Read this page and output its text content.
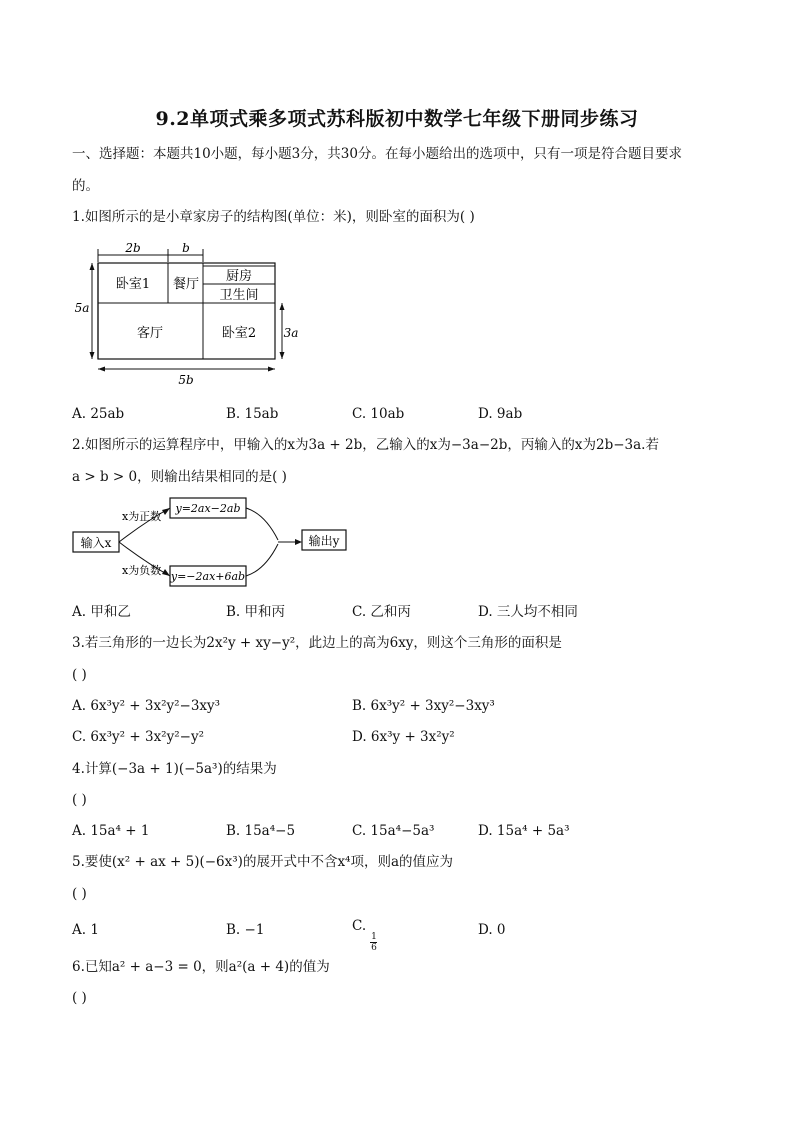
9.2单项式乘多项式苏科版初中数学七年级下册同步练习
一、选择题：本题共10小题，每小题3分，共30分。在每小题给出的选项中，只有一项是符合题目要求
的。
1.如图所示的是小章家房子的结构图(单位：米)，则卧室的面积为( )
2b	b
5a
卧室1 餐厅
厨房
卫生间
客厅	卧室2 3a
5b
A. 25ab	B. 15ab	C. 10ab	D. 9ab
2.如图所示的运算程序中，甲输入的x为3a + 2b，乙输入的x为−3a−2b，丙输入的x为2b−3a.若
a > b > 0，则输出结果相同的是( )
输入x
x为正数
x为负数
y=2ax−2ab
y=−2ax+6ab
输出y
A. 甲和乙	B. 甲和丙	C. 乙和丙	D. 三人均不相同
3.若三角形的一边长为2x²y + xy−y²，此边上的高为6xy，则这个三角形的面积是
( )
A. 6x³y² + 3x²y²−3xy³	B. 6x³y² + 3xy²−3xy³
C. 6x³y² + 3x²y²−y²	D. 6x³y + 3x²y²
4.计算(−3a + 1)(−5a³)的结果为
( )
A. 15a⁴ + 1	B. 15a⁴−5	C. 15a⁴−5a³	D. 15a⁴ + 5a³
5.要使(x² + ax + 5)(−6x³)的展开式中不含x⁴项，则a的值应为
( )
A. 1	B. −1	C.
$\frac{1}{6}$
D. 0
6.已知a² + a−3 = 0，则a²(a + 4)的值为
( )
